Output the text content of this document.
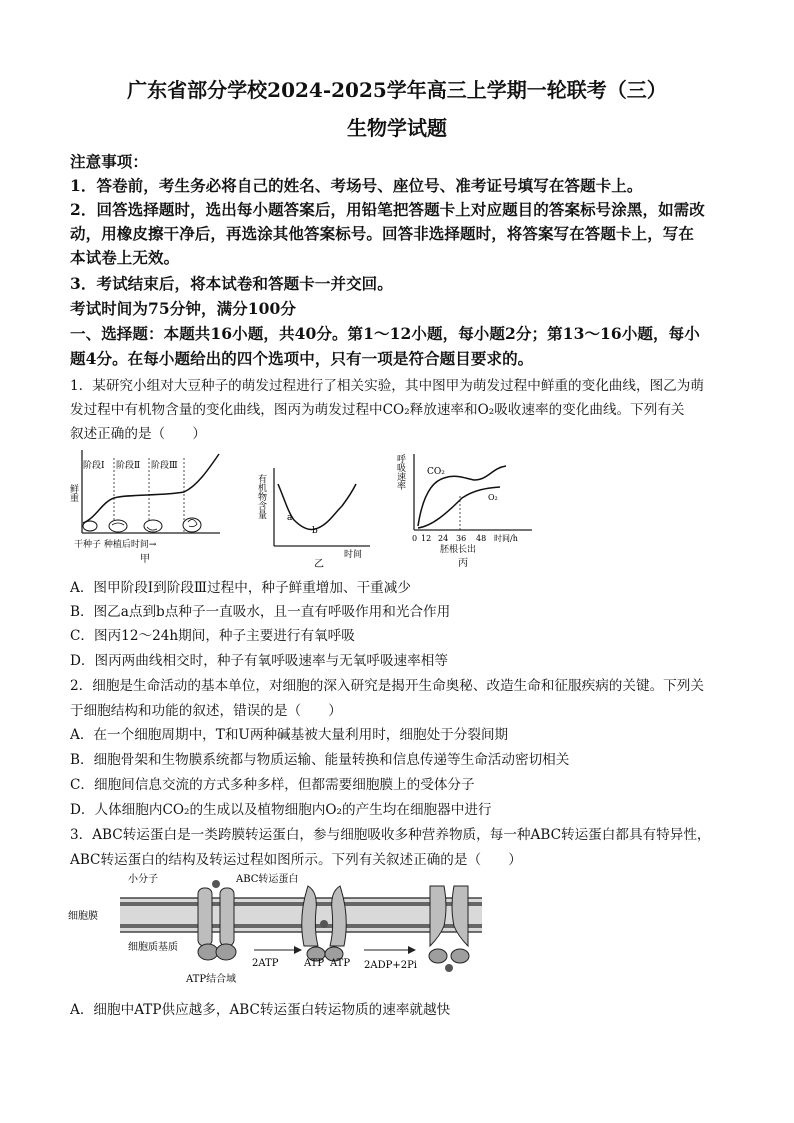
广东省部分学校2024-2025学年高三上学期一轮联考（三）
生物学试题
注意事项：
1．答卷前，考生务必将自己的姓名、考场号、座位号、准考证号填写在答题卡上。
2．回答选择题时，选出每小题答案后，用铅笔把答题卡上对应题目的答案标号涂黑，如需改
动，用橡皮擦干净后，再选涂其他答案标号。回答非选择题时，将答案写在答题卡上，写在
本试卷上无效。
3．考试结束后，将本试卷和答题卡一并交回。
考试时间为75分钟，满分100分
一、选择题：本题共16小题，共40分。第1～12小题，每小题2分；第13～16小题，每小
题4分。在每小题给出的四个选项中，只有一项是符合题目要求的。
1．某研究小组对大豆种子的萌发过程进行了相关实验，其中图甲为萌发过程中鲜重的变化曲线，图乙为萌
发过程中有机物含量的变化曲线，图丙为萌发过程中CO₂释放速率和O₂吸收速率的变化曲线。下列有关
叙述正确的是（　　）
阶段Ⅰ 阶段Ⅱ 阶段Ⅲ
鲜重
干种子 种植后时间→
甲
a
b
有机物含量
时间
乙
CO₂
O₂
呼吸速率
0 12 24 36 48 时间/h
胚根长出
丙
A．图甲阶段Ⅰ到阶段Ⅲ过程中，种子鲜重增加、干重减少
B．图乙a点到b点种子一直吸水，且一直有呼吸作用和光合作用
C．图丙12～24h期间，种子主要进行有氧呼吸
D．图丙两曲线相交时，种子有氧呼吸速率与无氧呼吸速率相等
2．细胞是生命活动的基本单位，对细胞的深入研究是揭开生命奥秘、改造生命和征服疾病的关键。下列关
于细胞结构和功能的叙述，错误的是（　　）
A．在一个细胞周期中，T和U两种碱基被大量利用时，细胞处于分裂间期
B．细胞骨架和生物膜系统都与物质运输、能量转换和信息传递等生命活动密切相关
C．细胞间信息交流的方式多种多样，但都需要细胞膜上的受体分子
D．人体细胞内CO₂的生成以及植物细胞内O₂的产生均在细胞器中进行
3．ABC转运蛋白是一类跨膜转运蛋白，参与细胞吸收多种营养物质，每一种ABC转运蛋白都具有特异性，
ABC转运蛋白的结构及转运过程如图所示。下列有关叙述正确的是（　　）
小分子	ABC转运蛋白
细胞膜
细胞质基质
2ATP	ATP ATP 2ADP+2Pi
ATP结合域
A．细胞中ATP供应越多，ABC转运蛋白转运物质的速率就越快
